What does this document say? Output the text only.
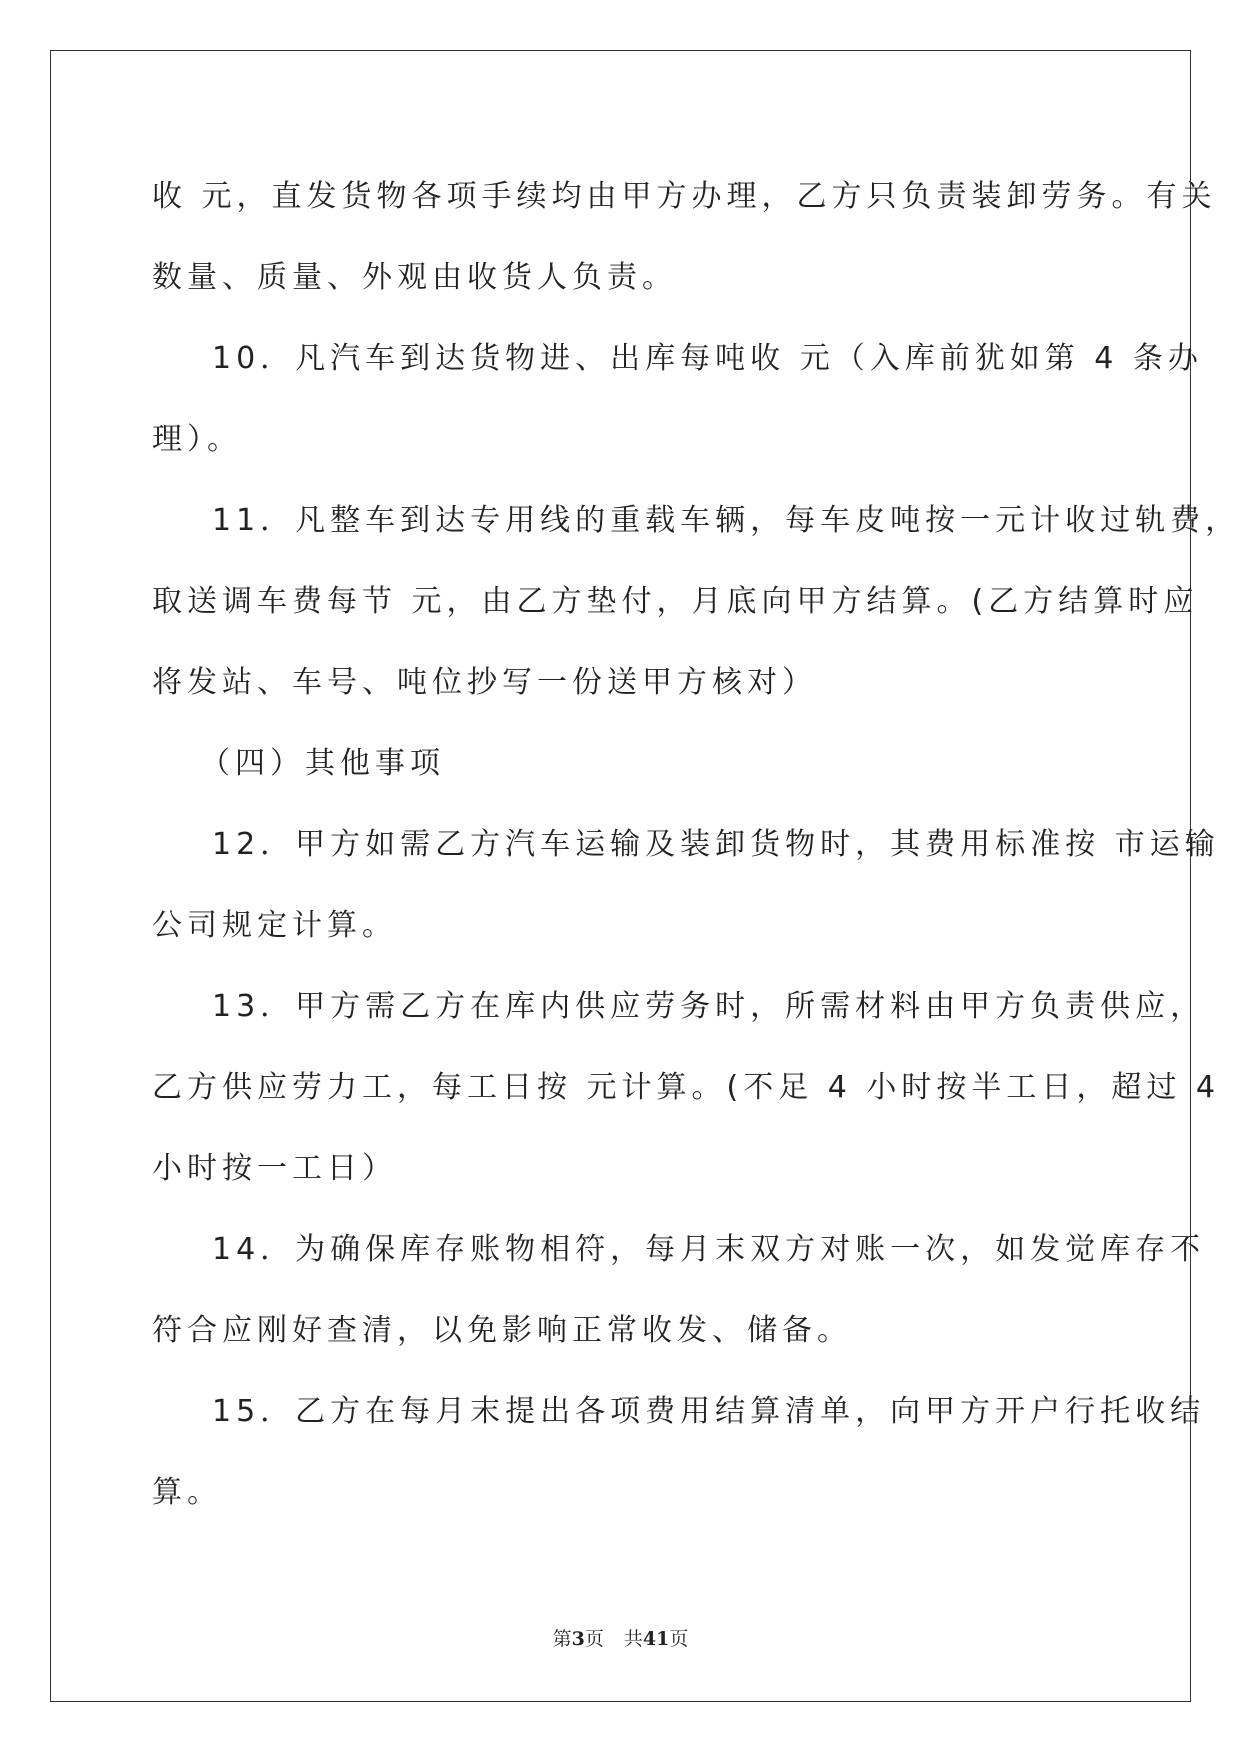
收 元，直发货物各项手续均由甲方办理，乙方只负责装卸劳务。有关
数量、质量、外观由收货人负责。
10．凡汽车到达货物进、出库每吨收 元（入库前犹如第 4 条办
理）。
11．凡整车到达专用线的重载车辆，每车皮吨按一元计收过轨费，
取送调车费每节 元，由乙方垫付，月底向甲方结算。(乙方结算时应
将发站、车号、吨位抄写一份送甲方核对）
（四）其他事项
12．甲方如需乙方汽车运输及装卸货物时，其费用标准按 市运输
公司规定计算。
13．甲方需乙方在库内供应劳务时，所需材料由甲方负责供应，
乙方供应劳力工，每工日按 元计算。(不足 4 小时按半工日，超过 4
小时按一工日）
14．为确保库存账物相符，每月末双方对账一次，如发觉库存不
符合应刚好查清，以免影响正常收发、储备。
15．乙方在每月末提出各项费用结算清单，向甲方开户行托收结
算。
第3页 共41页
